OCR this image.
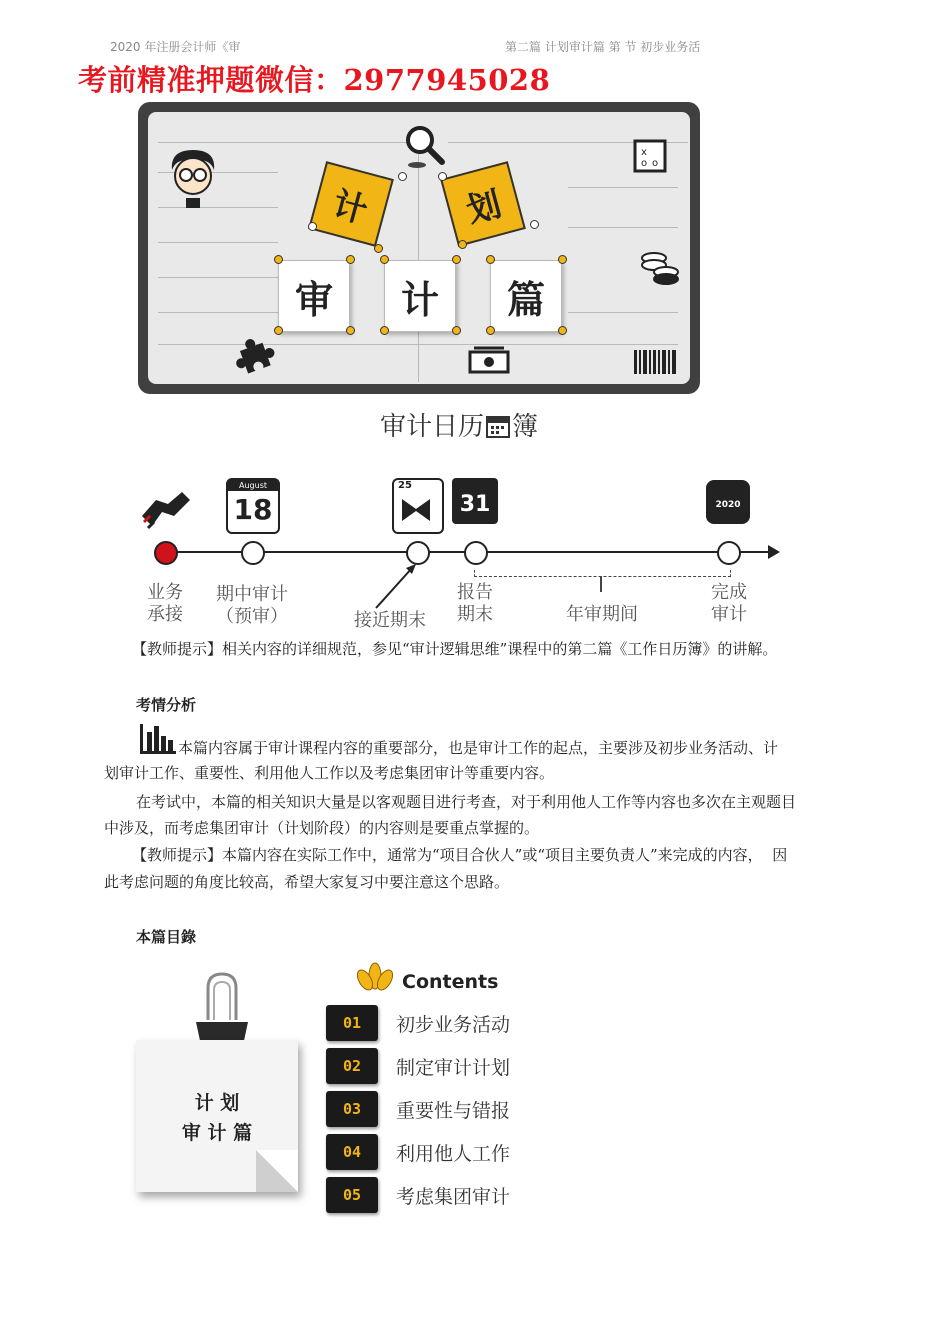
2020 年注册会计师《审	第二篇 计划审计篇 第 节 初步业务活
考前精准押题微信：2977945028
x
o
o
计	划
审	计	篇
审计日历 簿
August
18
25
31	2020
业务
承接
期中审计
（预审）	接近期末
报告
期末	年审期间
完成
审计
【教师提示】相关内容的详细规范，参见“审计逻辑思维”课程中的第二篇《工作日历簿》的讲解。
考情分析
本篇内容属于审计课程内容的重要部分，也是审计工作的起点，主要涉及初步业务活动、计
划审计工作、重要性、利用他人工作以及考虑集团审计等重要内容。
在考试中，本篇的相关知识大量是以客观题目进行考查，对于利用他人工作等内容也多次在主观题目
中涉及，而考虑集团审计（计划阶段）的内容则是要重点掌握的。
【教师提示】本篇内容在实际工作中，通常为“项目合伙人”或“项目主要负责人”来完成的内容，  因
此考虑问题的角度比较高，希望大家复习中要注意这个思路。
本篇目錄
计 划
审 计 篇
Contents
01	初步业务活动
02	制定审计计划
03	重要性与错报
04	利用他人工作
05	考虑集团审计
